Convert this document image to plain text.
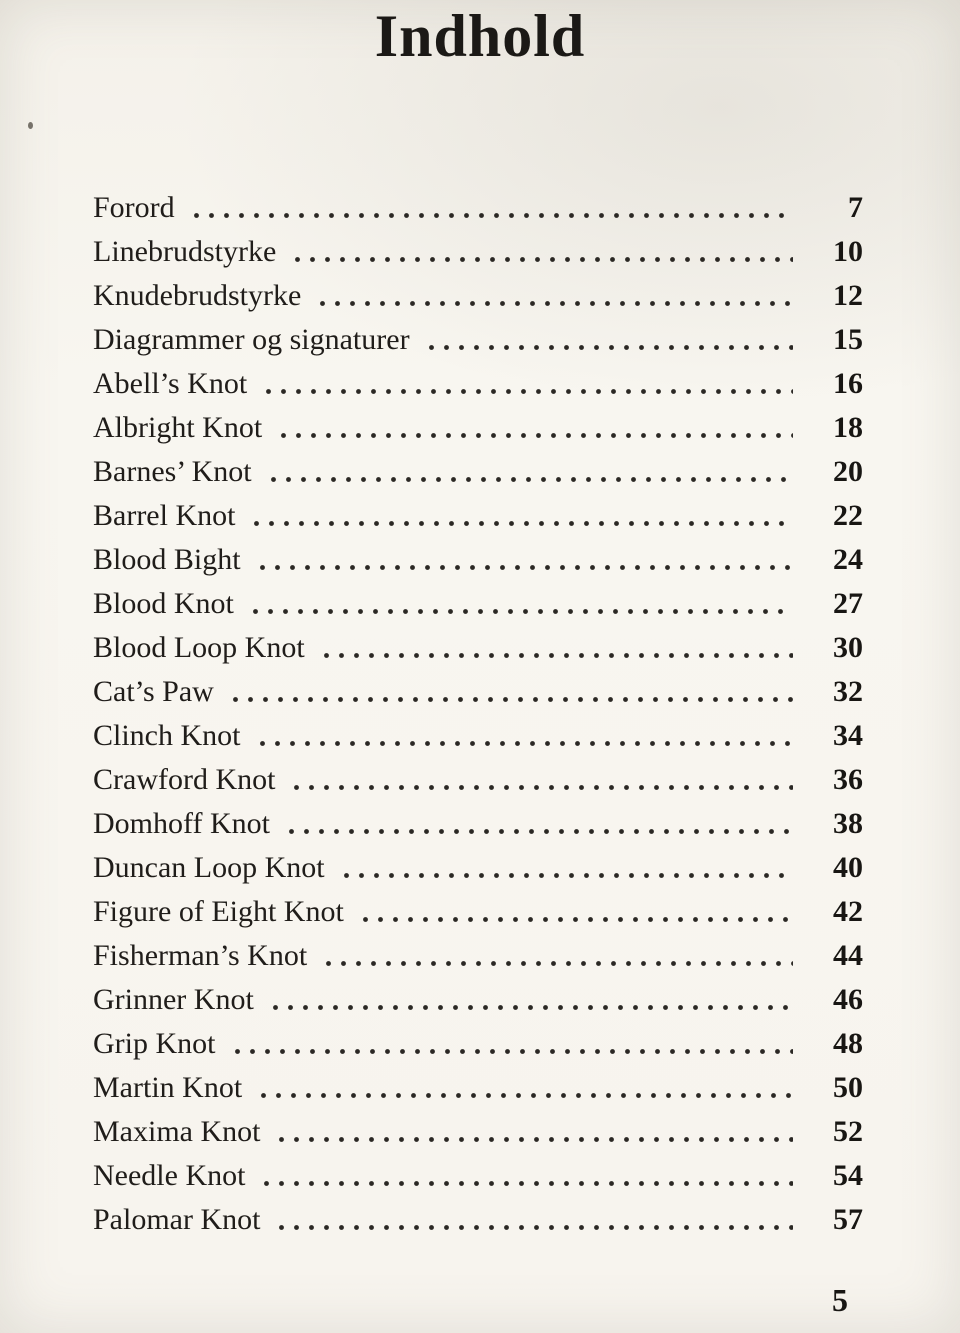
Indhold
Forord	7
Linebrudstyrke	10
Knudebrudstyrke	12
Diagrammer og signaturer	15
Abell’s Knot	16
Albright Knot	18
Barnes’ Knot	20
Barrel Knot	22
Blood Bight	24
Blood Knot	27
Blood Loop Knot	30
Cat’s Paw	32
Clinch Knot	34
Crawford Knot	36
Domhoff Knot	38
Duncan Loop Knot	40
Figure of Eight Knot	42
Fisherman’s Knot	44
Grinner Knot	46
Grip Knot	48
Martin Knot	50
Maxima Knot	52
Needle Knot	54
Palomar Knot	57
5
